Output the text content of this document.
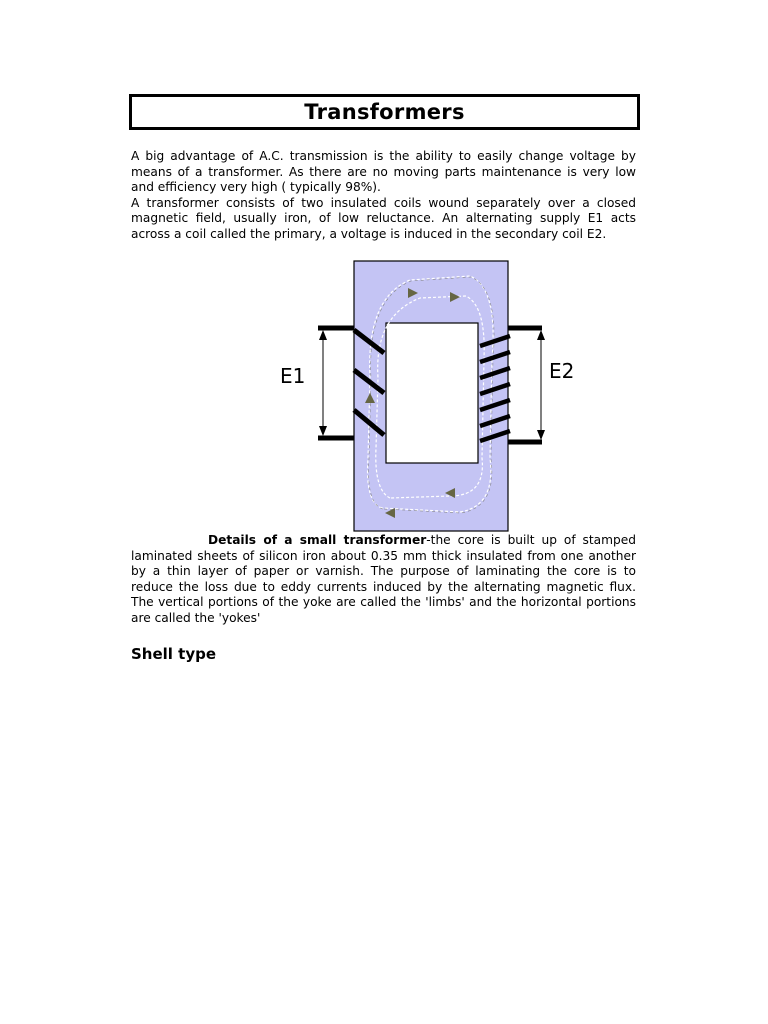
Transformers

A big advantage of A.C. transmission is the ability to easily change voltage by means of a transformer. As there are no moving parts maintenance is very low and efficiency very high ( typically 98%).
A transformer consists of two insulated coils wound separately over a closed magnetic field, usually iron, of low reluctance. An alternating supply E1 acts across a coil called the primary, a voltage is induced in the secondary coil E2.

E1	E2

Details of a small transformer-the core is built up of stamped laminated sheets of silicon iron about 0.35 mm thick insulated from one another by a thin layer of paper or varnish. The purpose of laminating the core is to reduce the loss due to eddy currents induced by the alternating magnetic flux. The vertical portions of the yoke are called the 'limbs' and the horizontal portions are called the 'yokes'

Shell type
